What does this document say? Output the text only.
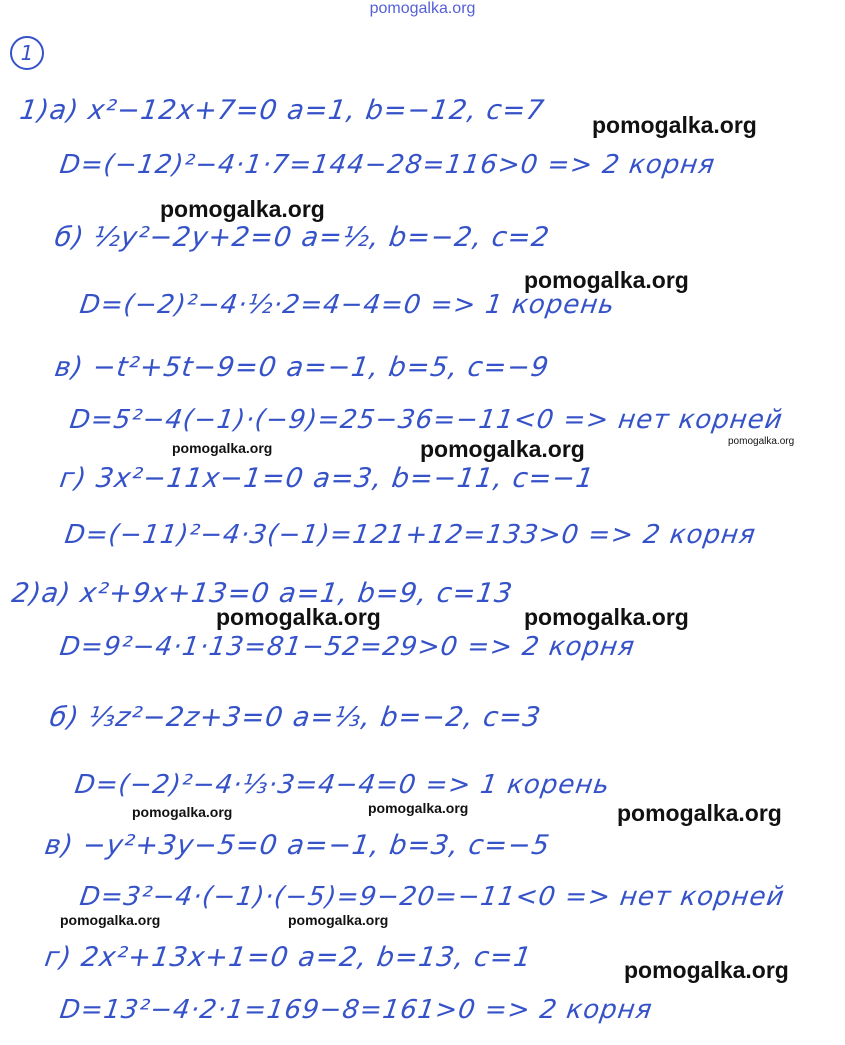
pomogalka.org
1
1)а) x²−12x+7=0 a=1, b=−12, c=7
D=(−12)²−4·1·7=144−28=116>0 => 2 корня
б) ½y²−2y+2=0 a=½, b=−2, c=2
D=(−2)²−4·½·2=4−4=0 => 1 корень
в) −t²+5t−9=0 a=−1, b=5, c=−9
D=5²−4(−1)·(−9)=25−36=−11<0 => нет корней
г) 3x²−11x−1=0 a=3, b=−11, c=−1
D=(−11)²−4·3(−1)=121+12=133>0 => 2 корня
2)а) x²+9x+13=0 a=1, b=9, c=13
D=9²−4·1·13=81−52=29>0 => 2 корня
б) ⅓z²−2z+3=0 a=⅓, b=−2, c=3
D=(−2)²−4·⅓·3=4−4=0 => 1 корень
в) −y²+3y−5=0 a=−1, b=3, c=−5
D=3²−4·(−1)·(−5)=9−20=−11<0 => нет корней
г) 2x²+13x+1=0 a=2, b=13, c=1
D=13²−4·2·1=169−8=161>0 => 2 корня
pomogalka.org
pomogalka.org
pomogalka.org
pomogalka.org	pomogalka.org	pomogalka.org
pomogalka.org	pomogalka.org
pomogalka.org	pomogalka.org	pomogalka.org
pomogalka.org	pomogalka.org
pomogalka.org
